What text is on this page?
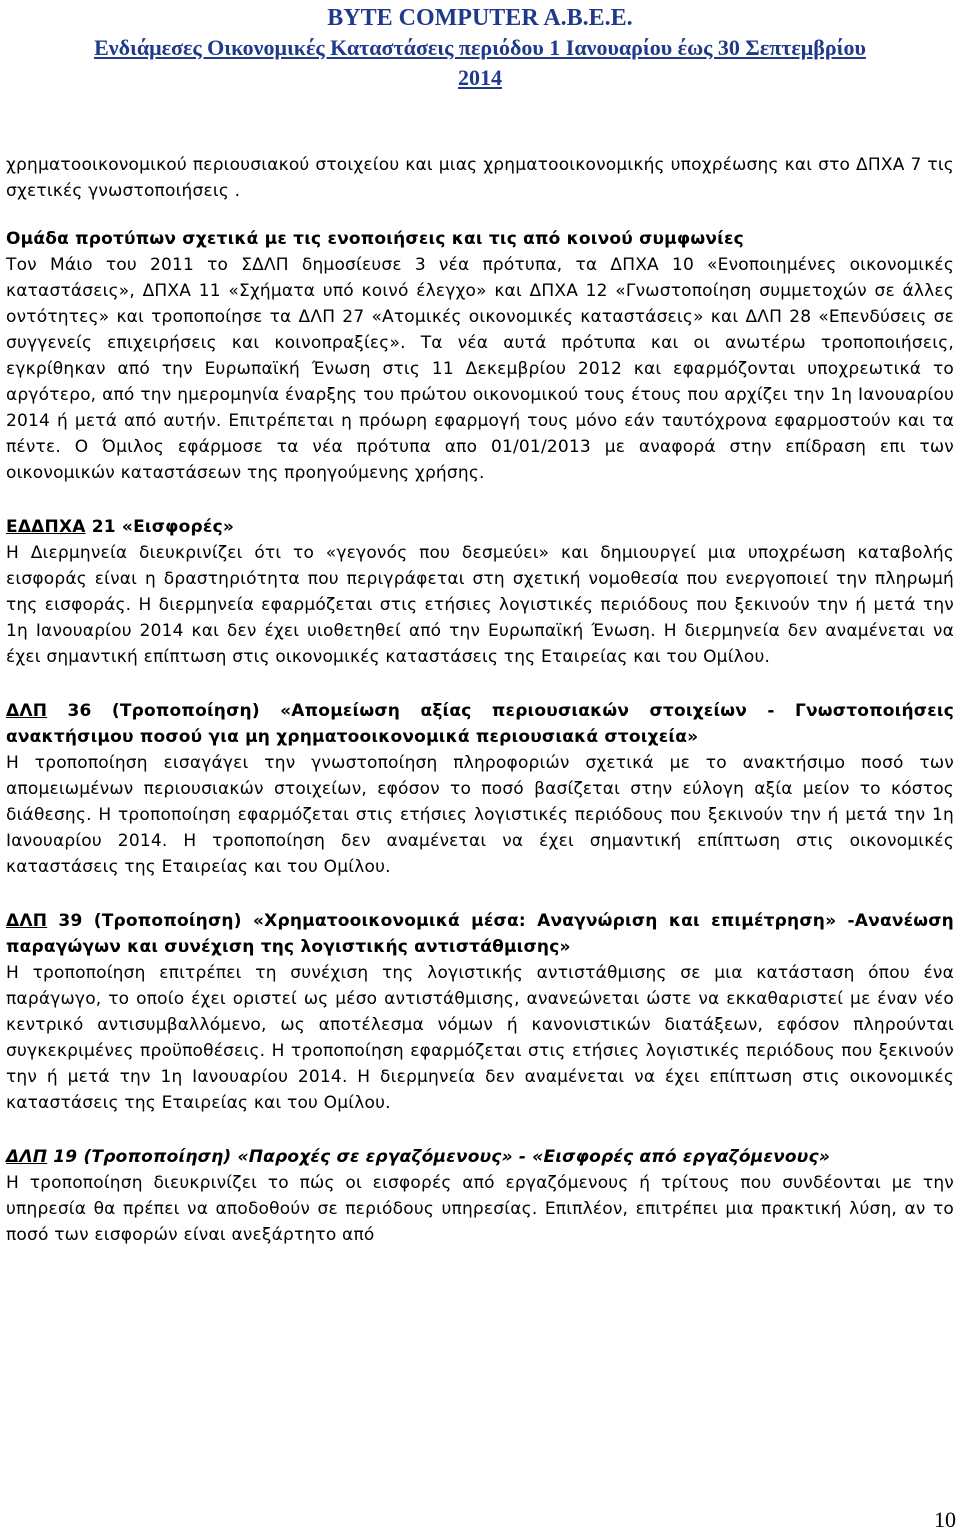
BYTE COMPUTER A.B.E.E.
Ενδιάμεσες Οικονομικές Καταστάσεις περιόδου 1 Ιανουαρίου έως 30 Σεπτεμβρίου
2014

χρηματοοικονομικού περιουσιακού στοιχείου και μιας χρηματοοικονομικής υποχρέωσης και στο ΔΠΧΑ 7 τις σχετικές γνωστοποιήσεις .

Ομάδα προτύπων σχετικά με τις ενοποιήσεις και τις από κοινού συμφωνίες

Τον Μάιο του 2011 το ΣΔΛΠ δημοσίευσε 3 νέα πρότυπα, τα ΔΠΧΑ 10 «Ενοποιημένες οικονομικές καταστάσεις», ΔΠΧΑ 11 «Σχήματα υπό κοινό έλεγχο» και ΔΠΧΑ 12 «Γνωστοποίηση συμμετοχών σε άλλες οντότητες» και τροποποίησε τα ΔΛΠ 27 «Ατομικές οικονομικές καταστάσεις» και ΔΛΠ 28 «Επενδύσεις σε συγγενείς επιχειρήσεις και κοινοπραξίες». Τα νέα αυτά πρότυπα και οι ανωτέρω τροποποιήσεις, εγκρίθηκαν από την Ευρωπαϊκή Ένωση στις 11 Δεκεμβρίου 2012 και εφαρμόζονται υποχρεωτικά το αργότερο, από την ημερομηνία έναρξης του πρώτου οικονομικού τους έτους που αρχίζει την 1η Ιανουαρίου 2014 ή μετά από αυτήν. Επιτρέπεται η πρόωρη εφαρμογή τους μόνο εάν ταυτόχρονα εφαρμοστούν και τα πέντε. Ο Όμιλος εφάρμοσε τα νέα πρότυπα απο 01/01/2013 με αναφορά στην επίδραση επι των οικονομικών καταστάσεων της προηγούμενης χρήσης.

ΕΔΔΠΧΑ 21 «Εισφορές»

Η Διερμηνεία διευκρινίζει ότι το «γεγονός που δεσμεύει» και δημιουργεί μια υποχρέωση καταβολής εισφοράς είναι η δραστηριότητα που περιγράφεται στη σχετική νομοθεσία που ενεργοποιεί την πληρωμή της εισφοράς. Η διερμηνεία εφαρμόζεται στις ετήσιες λογιστικές περιόδους που ξεκινούν την ή μετά την 1η Ιανουαρίου 2014 και δεν έχει υιοθετηθεί από την Ευρωπαϊκή Ένωση. Η διερμηνεία δεν αναμένεται να έχει σημαντική επίπτωση στις οικονομικές καταστάσεις της Εταιρείας και του Ομίλου.

ΔΛΠ 36 (Τροποποίηση) «Απομείωση αξίας περιουσιακών στοιχείων - Γνωστοποιήσεις ανακτήσιμου ποσού για μη χρηματοοικονομικά περιουσιακά στοιχεία»

Η τροποποίηση εισαγάγει την γνωστοποίηση πληροφοριών σχετικά με το ανακτήσιμο ποσό των απομειωμένων περιουσιακών στοιχείων, εφόσον το ποσό βασίζεται στην εύλογη αξία μείον το κόστος διάθεσης. Η τροποποίηση εφαρμόζεται στις ετήσιες λογιστικές περιόδους που ξεκινούν την ή μετά την 1η Ιανουαρίου 2014. Η τροποποίηση δεν αναμένεται να έχει σημαντική επίπτωση στις οικονομικές καταστάσεις της Εταιρείας και του Ομίλου.

ΔΛΠ 39 (Τροποποίηση) «Χρηματοοικονομικά μέσα: Αναγνώριση και επιμέτρηση» -Ανανέωση παραγώγων και συνέχιση της λογιστικής αντιστάθμισης»

Η τροποποίηση επιτρέπει τη συνέχιση της λογιστικής αντιστάθμισης σε μια κατάσταση όπου ένα παράγωγο, το οποίο έχει οριστεί ως μέσο αντιστάθμισης, ανανεώνεται ώστε να εκκαθαριστεί με έναν νέο κεντρικό αντισυμβαλλόμενο, ως αποτέλεσμα νόμων ή κανονιστικών διατάξεων, εφόσον πληρούνται συγκεκριμένες προϋποθέσεις. Η τροποποίηση εφαρμόζεται στις ετήσιες λογιστικές περιόδους που ξεκινούν την ή μετά την 1η Ιανουαρίου 2014. Η διερμηνεία δεν αναμένεται να έχει επίπτωση στις οικονομικές καταστάσεις της Εταιρείας και του Ομίλου.

ΔΛΠ 19 (Τροποποίηση) «Παροχές σε εργαζόμενους» - «Εισφορές από εργαζόμενους»

Η τροποποίηση διευκρινίζει το πώς οι εισφορές από εργαζόμενους ή τρίτους που συνδέονται με την υπηρεσία θα πρέπει να αποδοθούν σε περιόδους υπηρεσίας. Επιπλέον, επιτρέπει μια πρακτική λύση, αν το ποσό των εισφορών είναι ανεξάρτητο από

10
